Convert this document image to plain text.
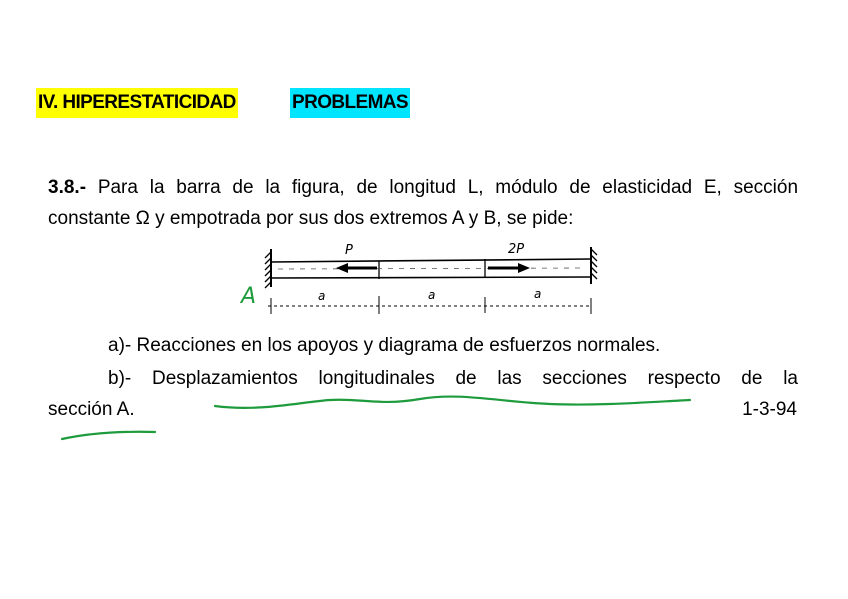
IV. HIPERESTATICIDAD	PROBLEMAS
3.8.- Para la barra de la figura, de longitud L, módulo de elasticidad E, sección
constante Ω y empotrada por sus dos extremos A y B, se pide:
a)- Reacciones en los apoyos y diagrama de esfuerzos normales.
b)- Desplazamientos longitudinales de las secciones respecto de la
sección A.	1-3-94
P	2P
a	a	a
A
